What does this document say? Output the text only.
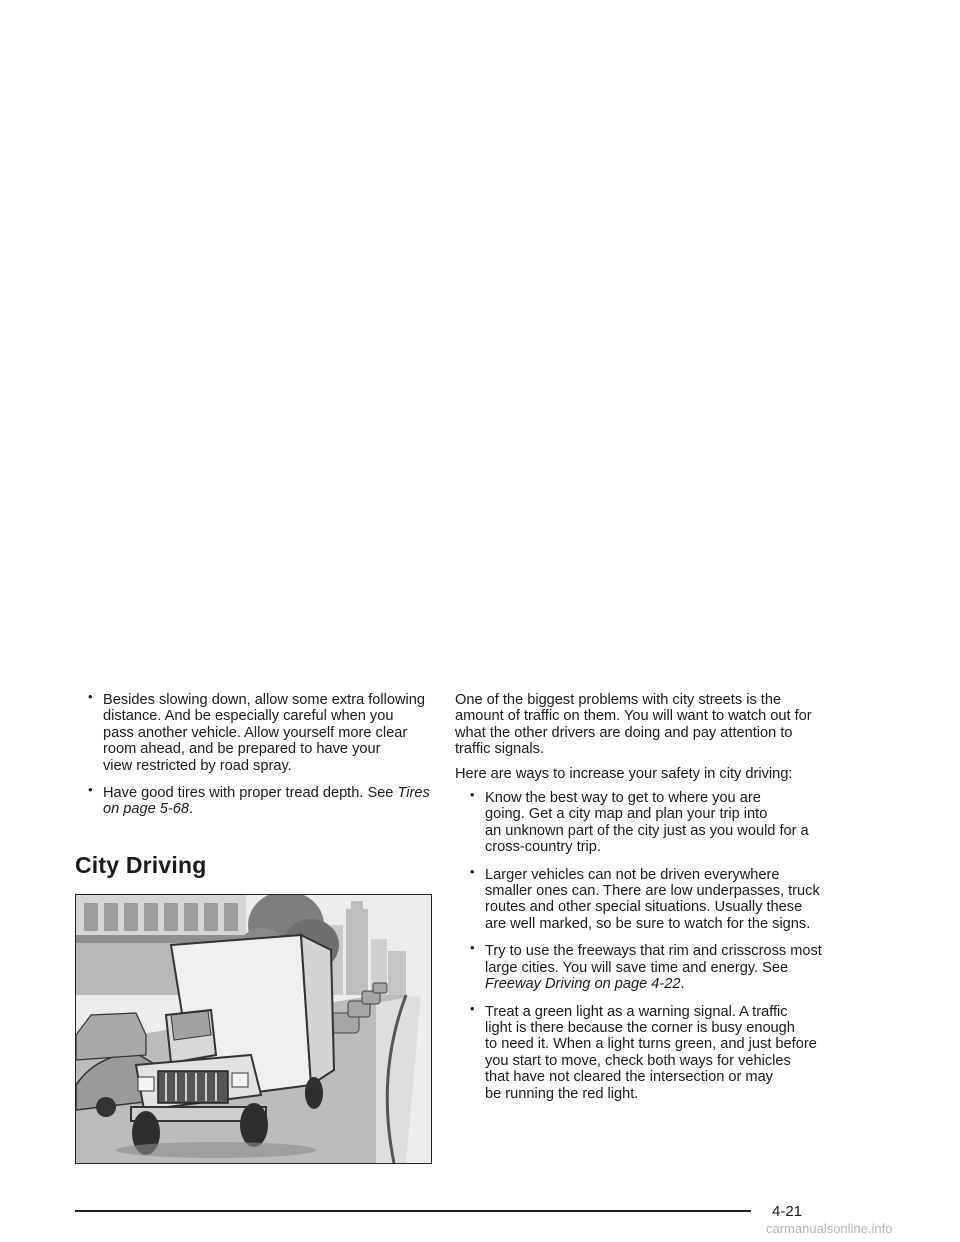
• Besides slowing down, allow some extra following
distance. And be especially careful when you
pass another vehicle. Allow yourself more clear
room ahead, and be prepared to have your
view restricted by road spray.
• Have good tires with proper tread depth. See Tires
on page 5-68.
City Driving

One of the biggest problems with city streets is the
amount of traffic on them. You will want to watch out for
what the other drivers are doing and pay attention to
traffic signals.

Here are ways to increase your safety in city driving:

• Know the best way to get to where you are
going. Get a city map and plan your trip into
an unknown part of the city just as you would for a
cross-country trip.
• Larger vehicles can not be driven everywhere
smaller ones can. There are low underpasses, truck
routes and other special situations. Usually these
are well marked, so be sure to watch for the signs.
• Try to use the freeways that rim and crisscross most
large cities. You will save time and energy. See
Freeway Driving on page 4-22.
• Treat a green light as a warning signal. A traffic
light is there because the corner is busy enough
to need it. When a light turns green, and just before
you start to move, check both ways for vehicles
that have not cleared the intersection or may
be running the red light.
4-21
carmanualsonline.info
